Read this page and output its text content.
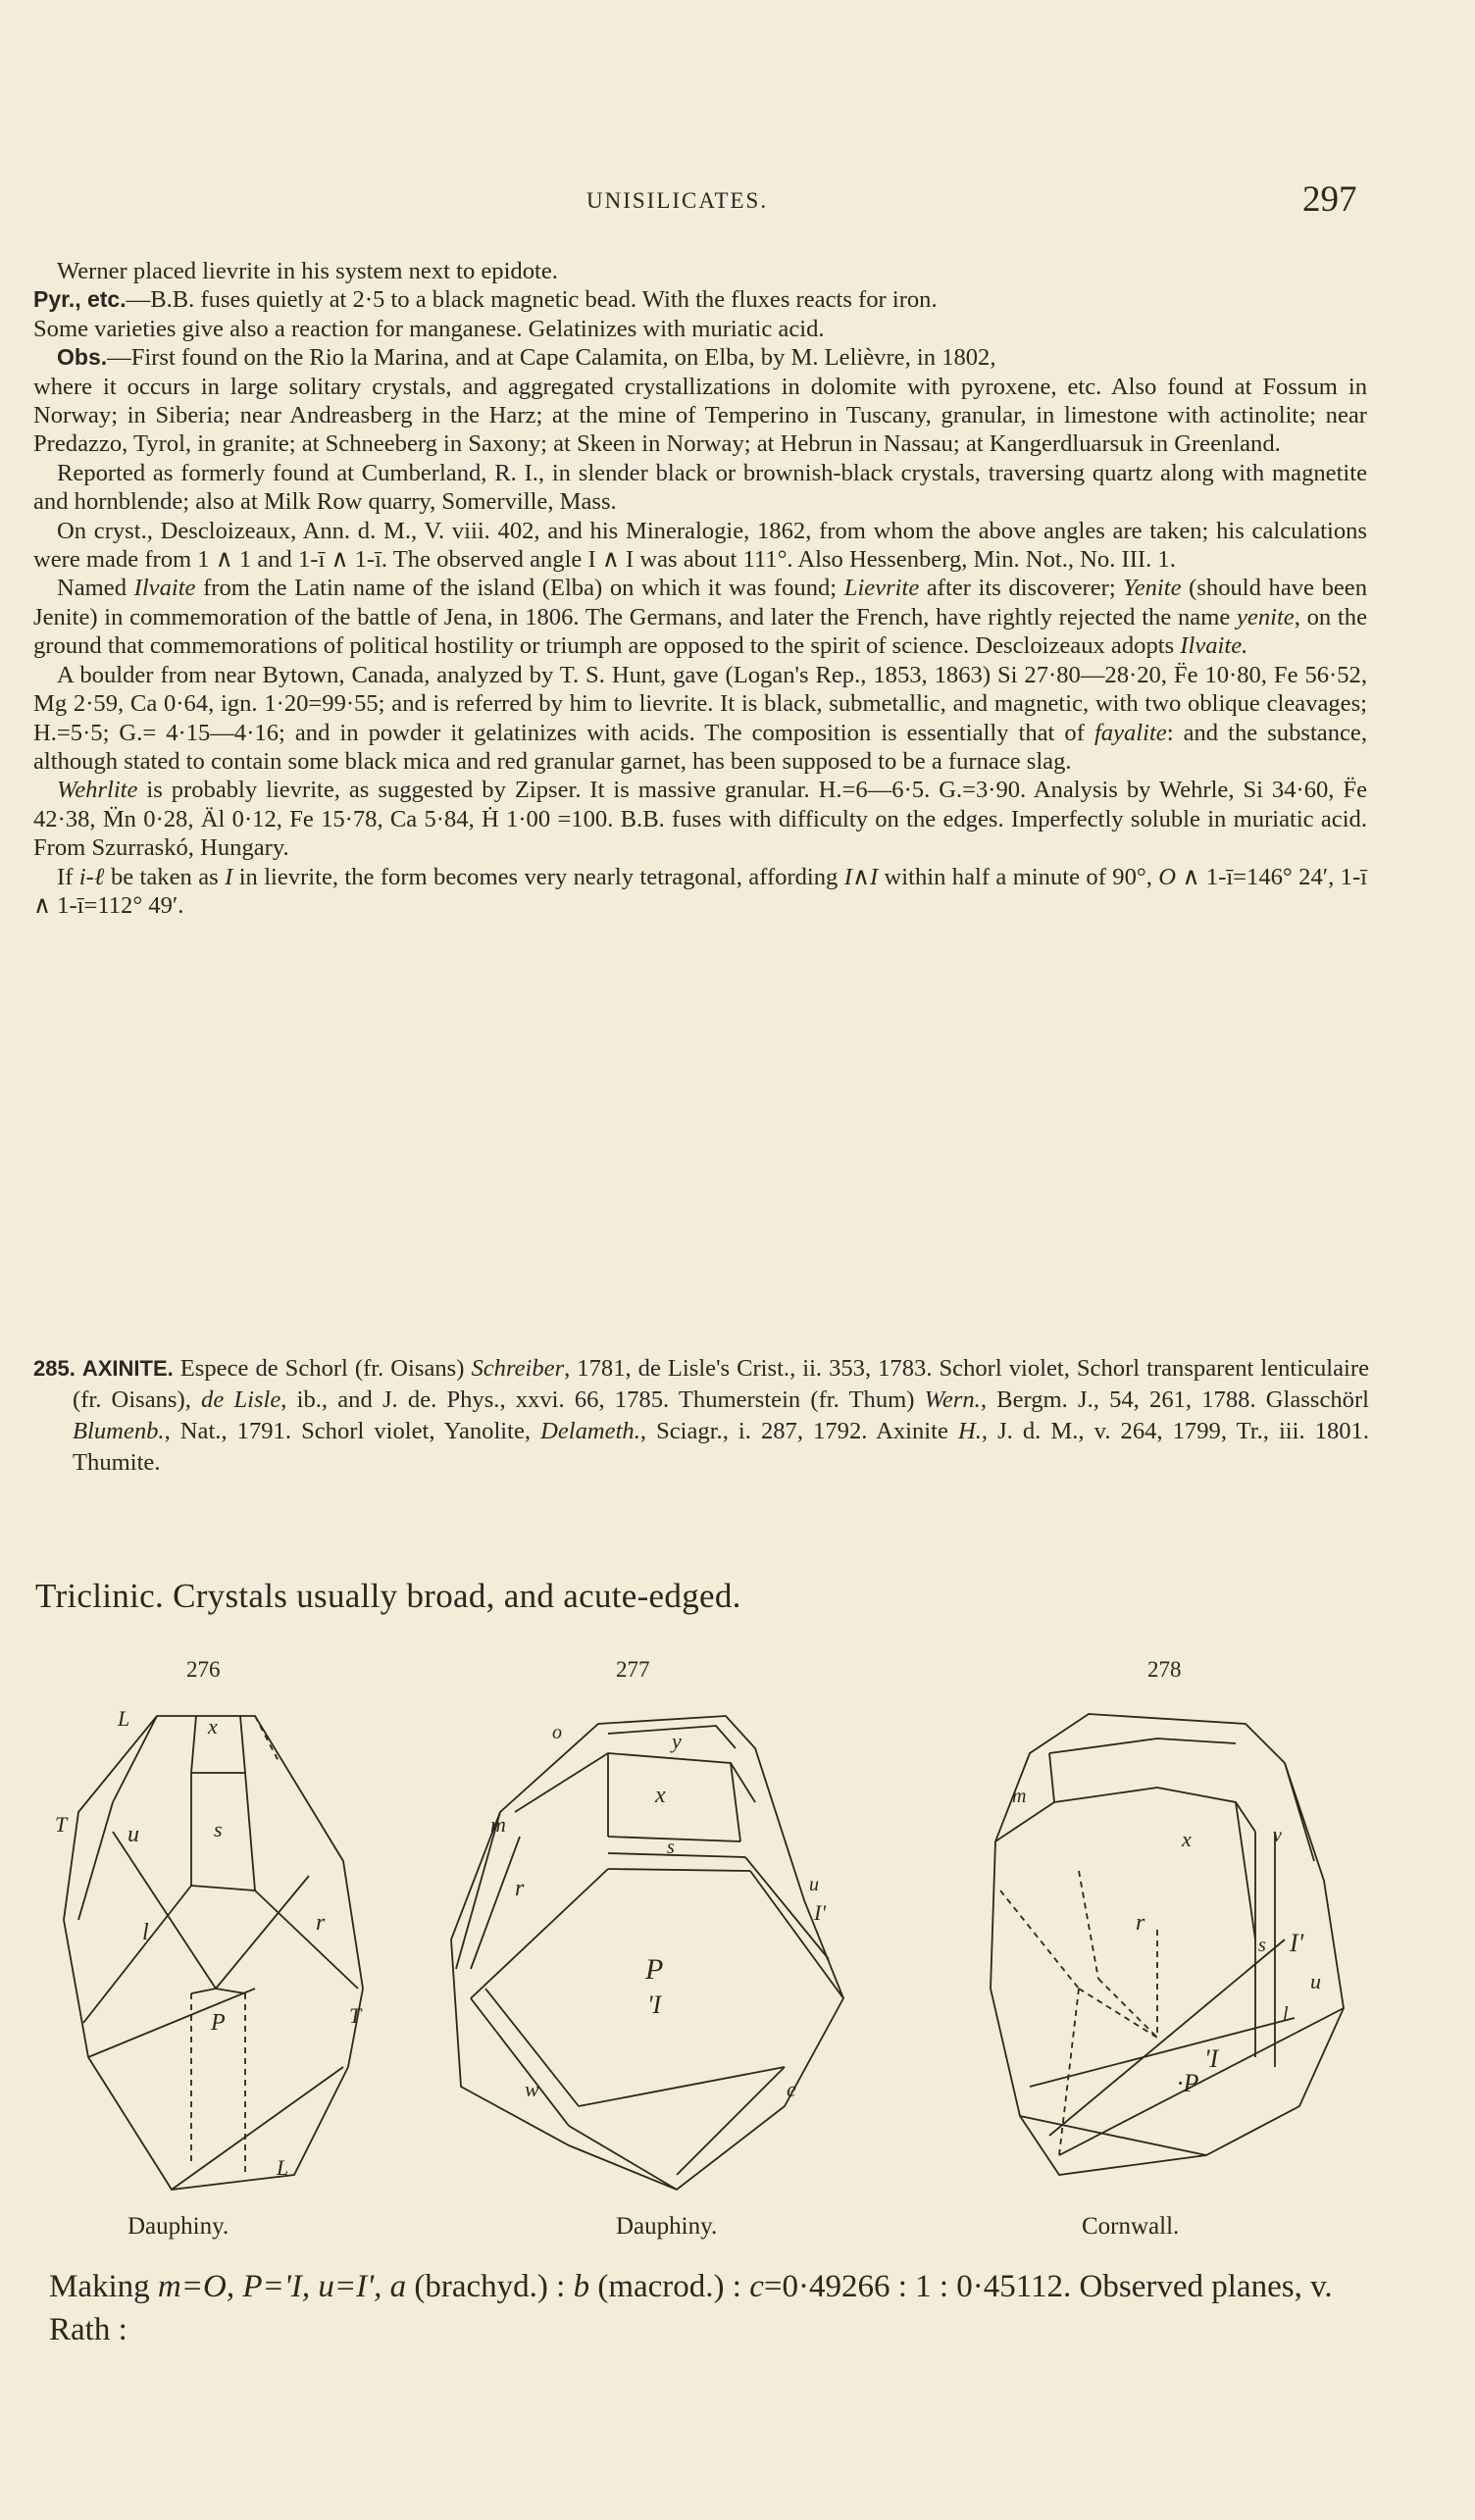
UNISILICATES.	297

Werner placed lievrite in his system next to epidote.

Pyr., etc.—B.B. fuses quietly at 2·5 to a black magnetic bead. With the fluxes reacts for iron.

Some varieties give also a reaction for manganese. Gelatinizes with muriatic acid.

Obs.—First found on the Rio la Marina, and at Cape Calamita, on Elba, by M. Lelièvre, in 1802,

where it occurs in large solitary crystals, and aggregated crystallizations in dolomite with pyroxene, etc. Also found at Fossum in Norway; in Siberia; near Andreasberg in the Harz; at the mine of Temperino in Tuscany, granular, in limestone with actinolite; near Predazzo, Tyrol, in granite; at Schneeberg in Saxony; at Skeen in Norway; at Hebrun in Nassau; at Kangerdluarsuk in Greenland.

Reported as formerly found at Cumberland, R. I., in slender black or brownish-black crystals, traversing quartz along with magnetite and hornblende; also at Milk Row quarry, Somerville, Mass.

On cryst., Descloizeaux, Ann. d. M., V. viii. 402, and his Mineralogie, 1862, from whom the above angles are taken; his calculations were made from 1 ∧ 1 and 1-ī ∧ 1-ī. The observed angle I ∧ I was about 111°. Also Hessenberg, Min. Not., No. III. 1.

Named Ilvaite from the Latin name of the island (Elba) on which it was found; Lievrite after its discoverer; Yenite (should have been Jenite) in commemoration of the battle of Jena, in 1806. The Germans, and later the French, have rightly rejected the name yenite, on the ground that commemorations of political hostility or triumph are opposed to the spirit of science. Descloizeaux adopts Ilvaite.

A boulder from near Bytown, Canada, analyzed by T. S. Hunt, gave (Logan's Rep., 1853, 1863) Si 27·80—28·20, F̈e 10·80, Fe 56·52, Mg 2·59, Ca 0·64, ign. 1·20=99·55; and is referred by him to lievrite. It is black, submetallic, and magnetic, with two oblique cleavages; H.=5·5; G.= 4·15—4·16; and in powder it gelatinizes with acids. The composition is essentially that of fayalite: and the substance, although stated to contain some black mica and red granular garnet, has been supposed to be a furnace slag.

Wehrlite is probably lievrite, as suggested by Zipser. It is massive granular. H.=6—6·5. G.=3·90. Analysis by Wehrle, Si 34·60, F̈e 42·38, M̈n 0·28, Äl 0·12, Fe 15·78, Ca 5·84, Ḣ 1·00 =100. B.B. fuses with difficulty on the edges. Imperfectly soluble in muriatic acid. From Szurraskó, Hungary.

If i-ℓ be taken as I in lievrite, the form becomes very nearly tetragonal, affording I∧I within half a minute of 90°, O ∧ 1-ī=146° 24′, 1-ī ∧ 1-ī=112° 49′.

285. AXINITE. Espece de Schorl (fr. Oisans) Schreiber, 1781, de Lisle's Crist., ii. 353, 1783. Schorl violet, Schorl transparent lenticulaire (fr. Oisans), de Lisle, ib., and J. de. Phys., xxvi. 66, 1785. Thumerstein (fr. Thum) Wern., Bergm. J., 54, 261, 1788. Glasschörl Blumenb., Nat., 1791. Schorl violet, Yanolite, Delameth., Sciagr., i. 287, 1792. Axinite H., J. d. M., v. 264, 1799, Tr., iii. 1801. Thumite.

Triclinic. Crystals usually broad, and acute-edged.
276	277	278
L	x
T	u	s
l	r
P	T
L
o	y
x
m
s
r	u
I'
P
'I
w	e
x	v
m
r
s I'
u
l
'I
·P
Dauphiny.	Dauphiny.	Cornwall.
Making m=O, P='I, u=I', a (brachyd.) : b (macrod.) : c=0·49266 : 1 : 0·45112. Observed planes, v. Rath :
